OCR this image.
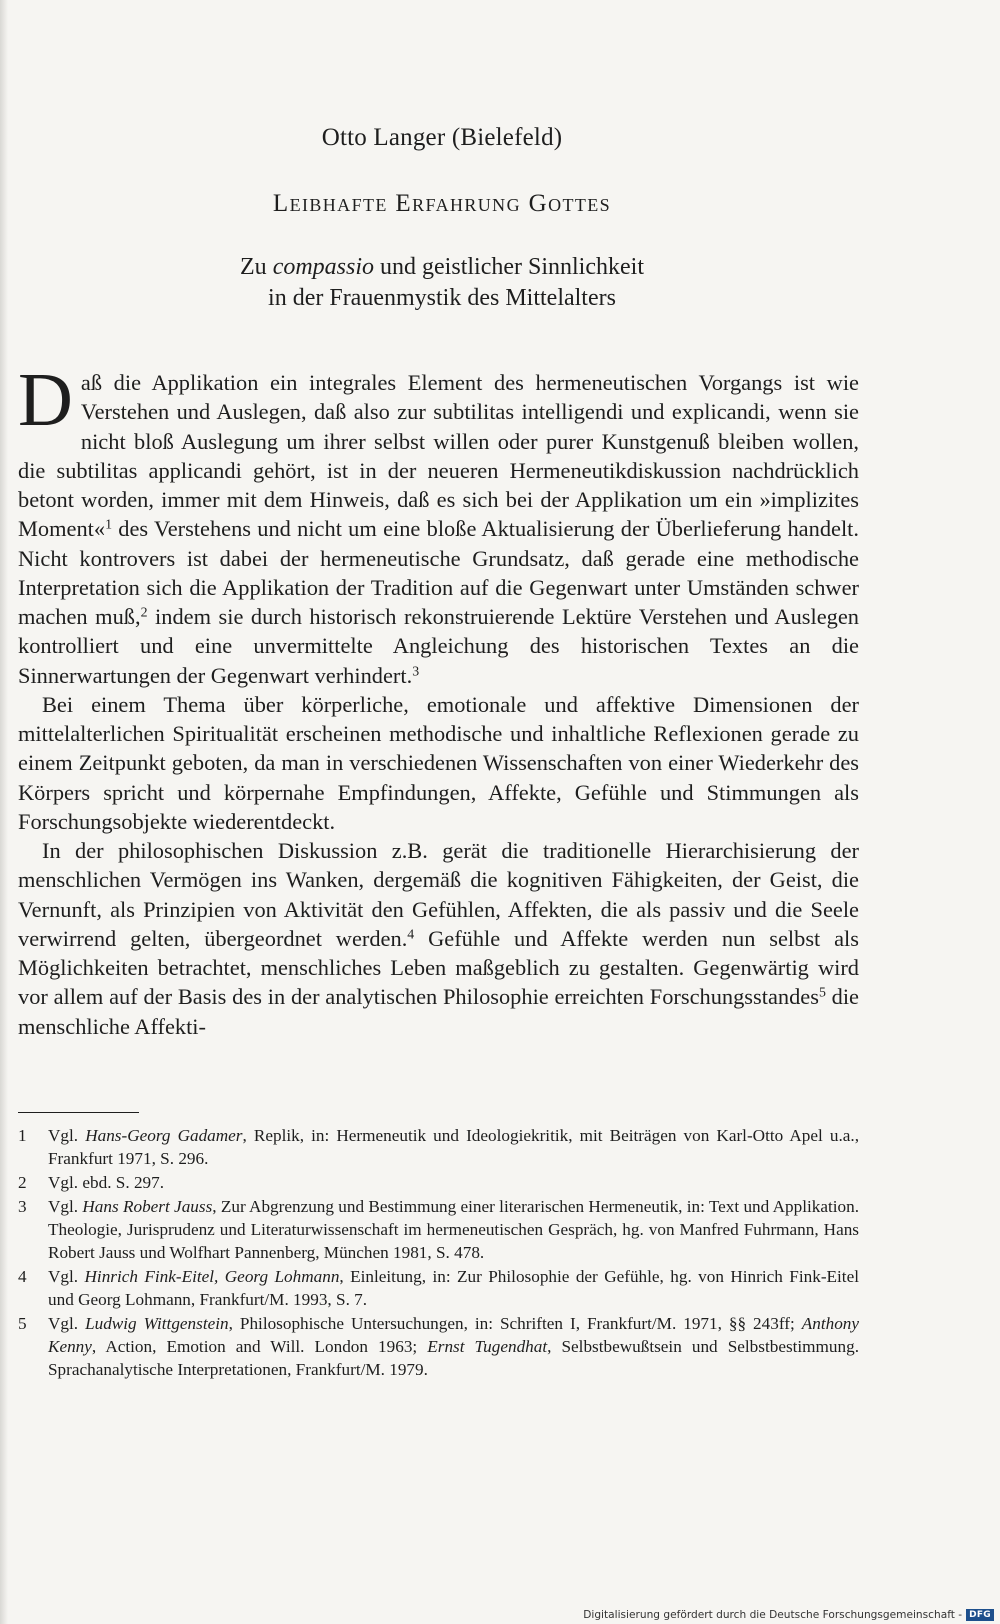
Otto Langer (Bielefeld)
Leibhafte Erfahrung Gottes
Zu compassio und geistlicher Sinnlichkeit
in der Frauenmystik des Mittelalters

Daß die Applikation ein integrales Element des hermeneutischen Vorgangs ist wie Verstehen und Auslegen, daß also zur subtilitas intelligendi und explicandi, wenn sie nicht bloß Auslegung um ihrer selbst willen oder purer Kunstgenuß bleiben wollen, die subtilitas applicandi gehört, ist in der neueren Hermeneutikdiskussion nachdrücklich betont worden, immer mit dem Hinweis, daß es sich bei der Applikation um ein »implizites Moment«$^1$ des Verstehens und nicht um eine bloße Aktualisierung der Überlieferung handelt. Nicht kontrovers ist dabei der hermeneutische Grundsatz, daß gerade eine methodische Interpretation sich die Applikation der Tradition auf die Gegenwart unter Umständen schwer machen muß,$^2$ indem sie durch historisch rekonstruierende Lektüre Verstehen und Auslegen kontrolliert und eine unvermittelte Angleichung des historischen Textes an die Sinnerwartungen der Gegenwart verhindert.$^3$

Bei einem Thema über körperliche, emotionale und affektive Dimensionen der mittelalterlichen Spiritualität erscheinen methodische und inhaltliche Reflexionen gerade zu einem Zeitpunkt geboten, da man in verschiedenen Wissenschaften von einer Wiederkehr des Körpers spricht und körpernahe Empfindungen, Affekte, Gefühle und Stimmungen als Forschungsobjekte wiederentdeckt.

In der philosophischen Diskussion z.B. gerät die traditionelle Hierarchisierung der menschlichen Vermögen ins Wanken, dergemäß die kognitiven Fähigkeiten, der Geist, die Vernunft, als Prinzipien von Aktivität den Gefühlen, Affekten, die als passiv und die Seele verwirrend gelten, übergeordnet werden.$^4$ Gefühle und Affekte werden nun selbst als Möglichkeiten betrachtet, menschliches Leben maßgeblich zu gestalten. Gegenwärtig wird vor allem auf der Basis des in der analytischen Philosophie erreichten Forschungsstandes$^5$ die menschliche Affekti-

1	Vgl. Hans-Georg Gadamer, Replik, in: Hermeneutik und Ideologiekritik, mit Beiträgen von Karl-Otto Apel u.a., Frankfurt 1971, S. 296.
2	Vgl. ebd. S. 297.
3	Vgl. Hans Robert Jauss, Zur Abgrenzung und Bestimmung einer literarischen Hermeneutik, in: Text und Applikation. Theologie, Jurisprudenz und Literaturwissenschaft im hermeneutischen Gespräch, hg. von Manfred Fuhrmann, Hans Robert Jauss und Wolfhart Pannenberg, München 1981, S. 478.
4	Vgl. Hinrich Fink-Eitel, Georg Lohmann, Einleitung, in: Zur Philosophie der Gefühle, hg. von Hinrich Fink-Eitel und Georg Lohmann, Frankfurt/M. 1993, S. 7.
5	Vgl. Ludwig Wittgenstein, Philosophische Untersuchungen, in: Schriften I, Frankfurt/M. 1971, §§ 243ff; Anthony Kenny, Action, Emotion and Will. London 1963; Ernst Tugendhat, Selbstbewußtsein und Selbstbestimmung. Sprachanalytische Interpretationen, Frankfurt/M. 1979.
Digitalisierung gefördert durch die Deutsche Forschungsgemeinschaft - DFG
